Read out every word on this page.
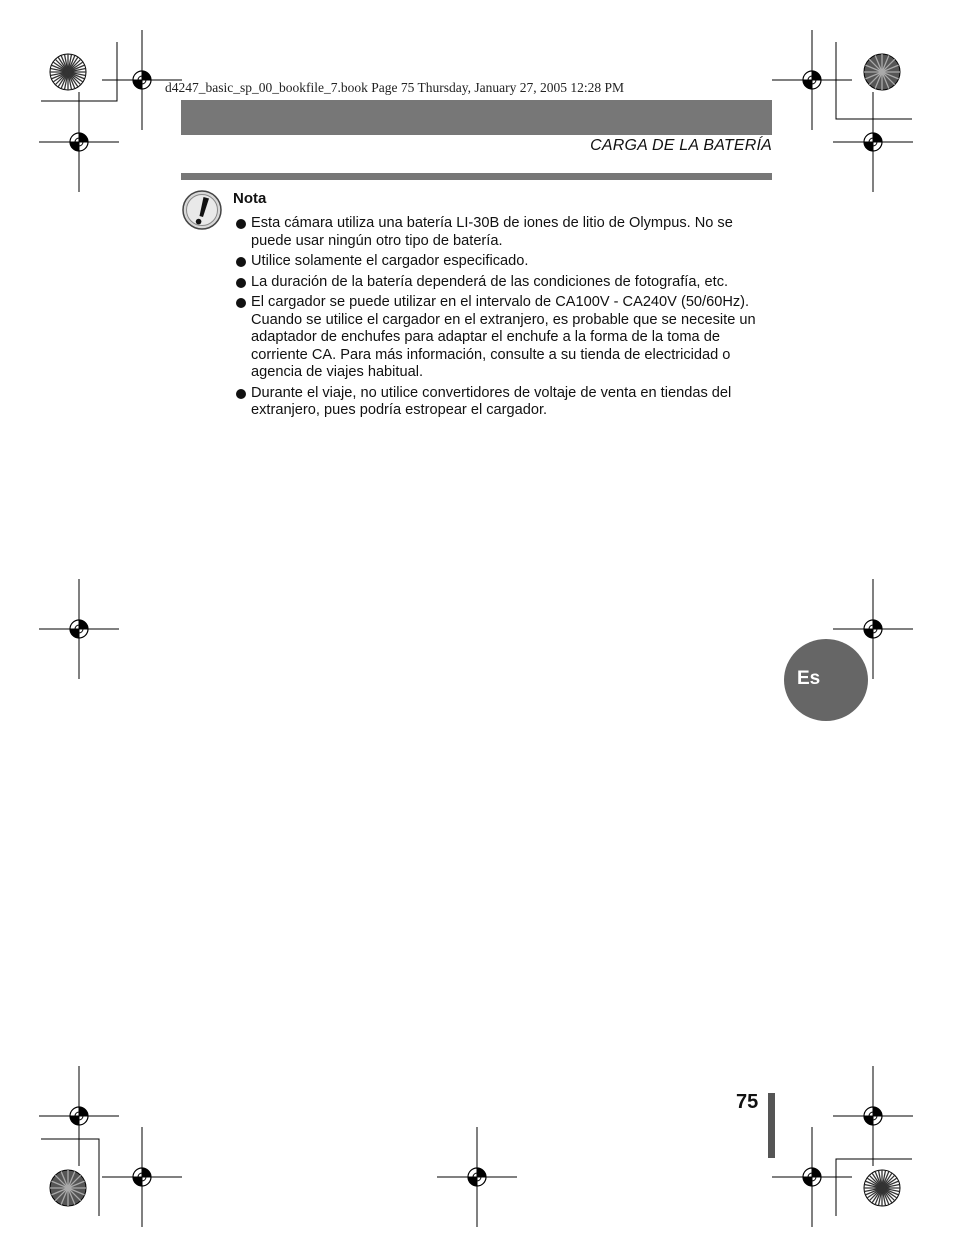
d4247_basic_sp_00_bookfile_7.book Page 75 Thursday, January 27, 2005 12:28 PM
CARGA DE LA BATERÍA
Nota
Esta cámara utiliza una batería LI-30B de iones de litio de Olympus. No se puede usar ningún otro tipo de batería.
Utilice solamente el cargador especificado.
La duración de la batería dependerá de las condiciones de fotografía, etc.
El cargador se puede utilizar en el intervalo de CA100V - CA240V (50/60Hz). Cuando se utilice el cargador en el extranjero, es probable que se necesite un adaptador de enchufes para adaptar el enchufe a la forma de la toma de corriente CA. Para más información, consulte a su tienda de electricidad o agencia de viajes habitual.
Durante el viaje, no utilice convertidores de voltaje de venta en tiendas del extranjero, pues podría estropear el cargador.
Es
75
